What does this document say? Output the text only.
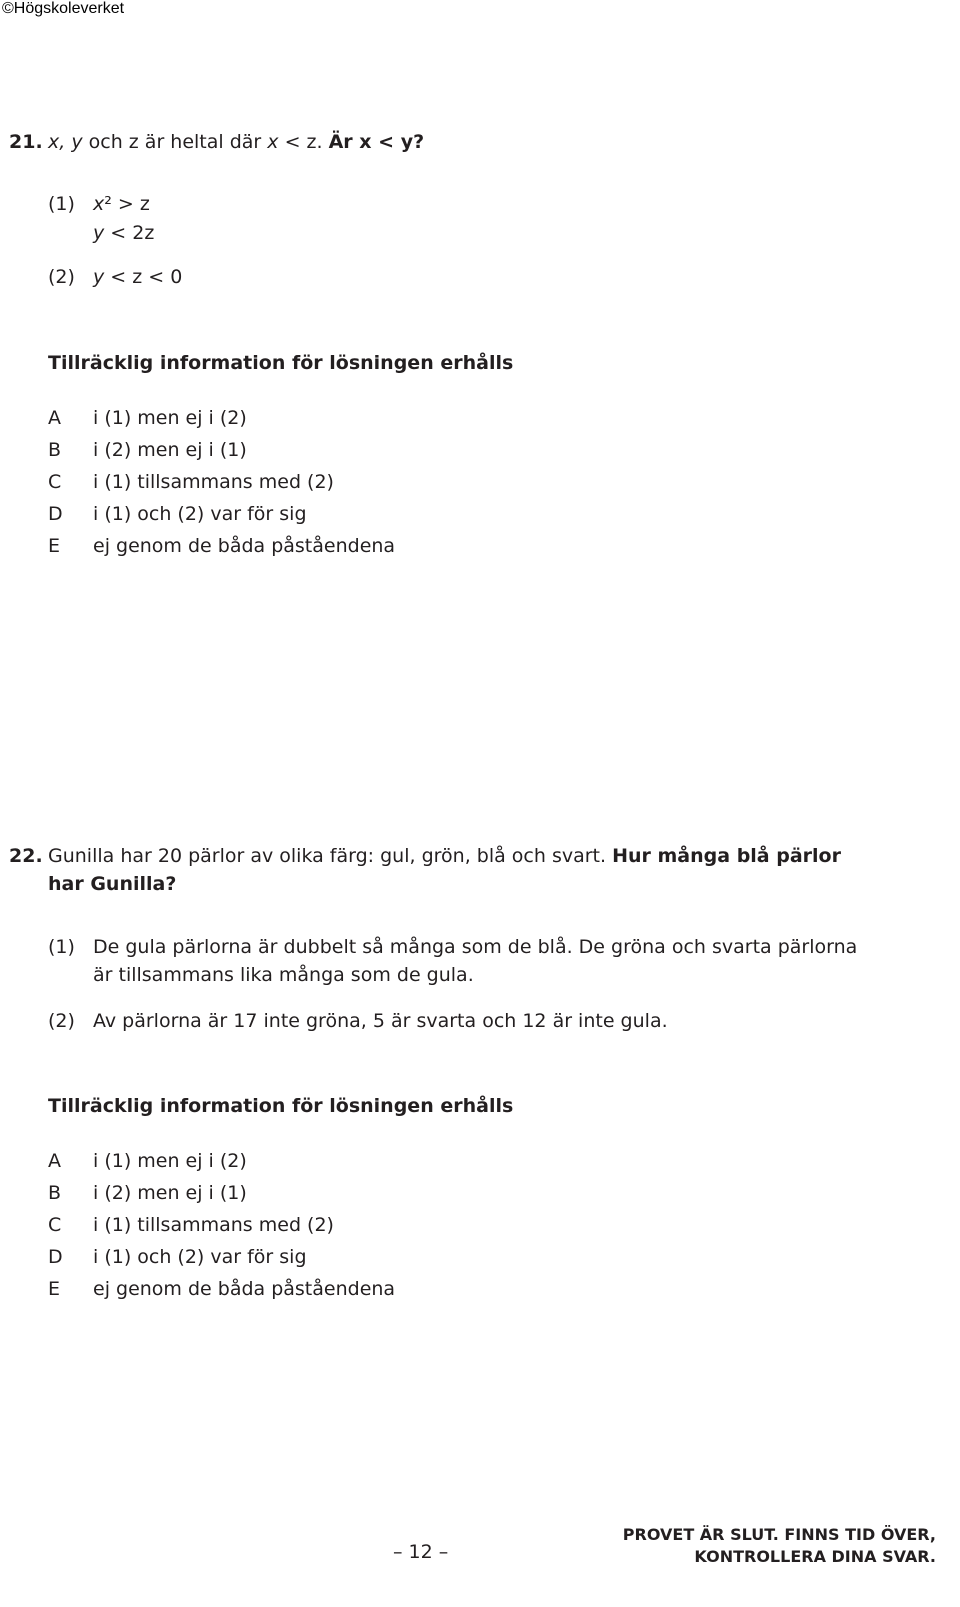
©Högskoleverket
21. x, y och z är heltal där x < z. Är x < y?
(1) x² > z
y < 2z
(2) y < z < 0
Tillräcklig information för lösningen erhålls
A i (1) men ej i (2)
B i (2) men ej i (1)
C i (1) tillsammans med (2)
D i (1) och (2) var för sig
E ej genom de båda påståendena
22. Gunilla har 20 pärlor av olika färg: gul, grön, blå och svart. Hur många blå pärlor
har Gunilla?
(1) De gula pärlorna är dubbelt så många som de blå. De gröna och svarta pärlorna
är tillsammans lika många som de gula.
(2) Av pärlorna är 17 inte gröna, 5 är svarta och 12 är inte gula.
Tillräcklig information för lösningen erhålls
A i (1) men ej i (2)
B i (2) men ej i (1)
C i (1) tillsammans med (2)
D i (1) och (2) var för sig
E ej genom de båda påståendena
– 12 –
PROVET ÄR SLUT. FINNS TID ÖVER,
KONTROLLERA DINA SVAR.
